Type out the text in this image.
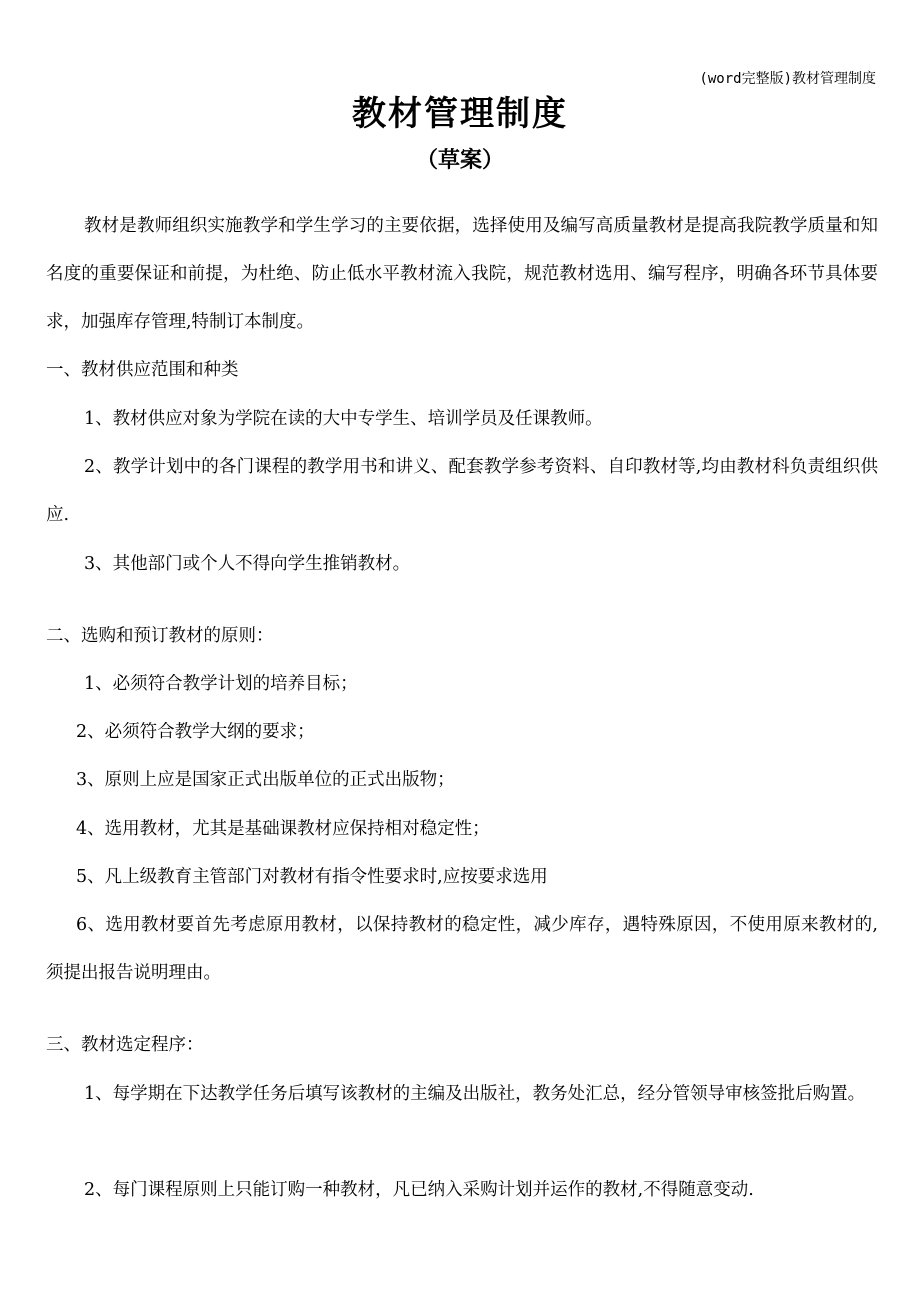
(word完整版)教材管理制度
教材管理制度
（草案）

教材是教师组织实施教学和学生学习的主要依据，选择使用及编写高质量教材是提高我院教学质量和知名度的重要保证和前提，为杜绝、防止低水平教材流入我院，规范教材选用、编写程序，明确各环节具体要求，加强库存管理,特制订本制度。

一、教材供应范围和种类

1、教材供应对象为学院在读的大中专学生、培训学员及任课教师。

2、教学计划中的各门课程的教学用书和讲义、配套教学参考资料、自印教材等,均由教材科负责组织供应.

3、其他部门或个人不得向学生推销教材。

二、选购和预订教材的原则：

1、必须符合教学计划的培养目标；

2、必须符合教学大纲的要求；

3、原则上应是国家正式出版单位的正式出版物；

4、选用教材，尤其是基础课教材应保持相对稳定性；

5、凡上级教育主管部门对教材有指令性要求时,应按要求选用

6、选用教材要首先考虑原用教材，以保持教材的稳定性，减少库存，遇特殊原因，不使用原来教材的,须提出报告说明理由。

三、教材选定程序：

1、每学期在下达教学任务后填写该教材的主编及出版社，教务处汇总，经分管领导审核签批后购置。

2、每门课程原则上只能订购一种教材，凡已纳入采购计划并运作的教材,不得随意变动.
